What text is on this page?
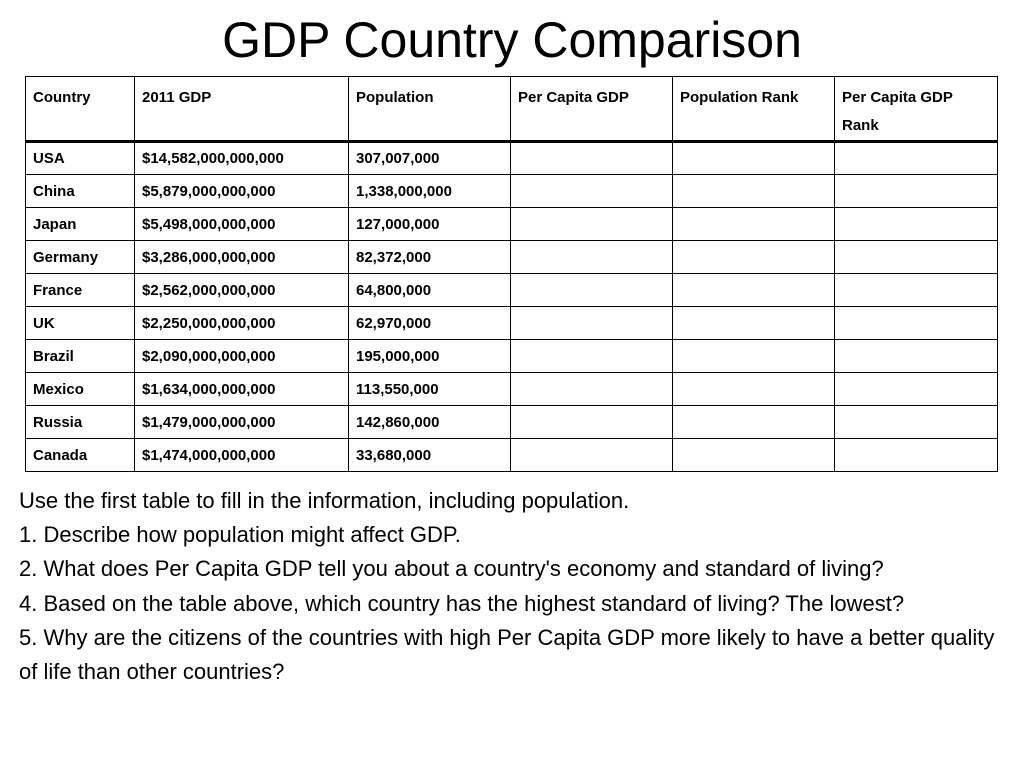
GDP Country Comparison
Country	2011 GDP	Population	Per Capita GDP	Population Rank	Per Capita GDP Rank
USA	$14,582,000,000,000	307,007,000			
China	$5,879,000,000,000	1,338,000,000			
Japan	$5,498,000,000,000	127,000,000			
Germany	$3,286,000,000,000	82,372,000			
France	$2,562,000,000,000	64,800,000			
UK	$2,250,000,000,000	62,970,000			
Brazil	$2,090,000,000,000	195,000,000			
Mexico	$1,634,000,000,000	113,550,000			
Russia	$1,479,000,000,000	142,860,000			
Canada	$1,474,000,000,000	33,680,000			

Use the first table to fill in the information, including population.

1. Describe how population might affect GDP.

2. What does Per Capita GDP tell you about a country's economy and standard of living?

4. Based on the table above, which country has the highest standard of living? The lowest?

5. Why are the citizens of the countries with high Per Capita GDP more likely to have a better quality of life than other countries?
